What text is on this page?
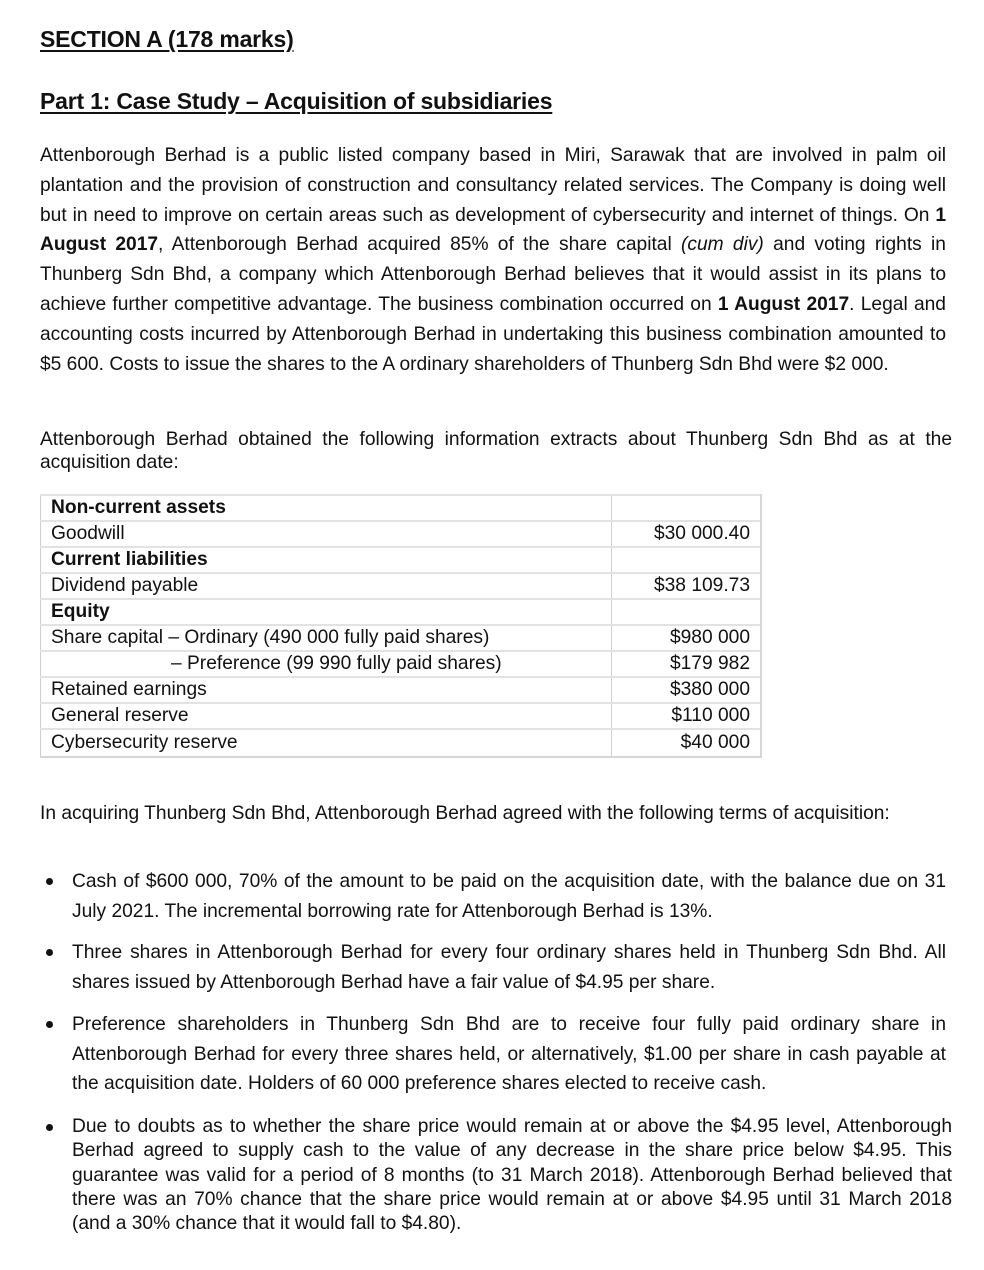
SECTION A (178 marks)
Part 1: Case Study – Acquisition of subsidiaries
Attenborough Berhad is a public listed company based in Miri, Sarawak that are involved in palm oil plantation and the provision of construction and consultancy related services. The Company is doing well but in need to improve on certain areas such as development of cybersecurity and internet of things. On 1 August 2017, Attenborough Berhad acquired 85% of the share capital (cum div) and voting rights in Thunberg Sdn Bhd, a company which Attenborough Berhad believes that it would assist in its plans to achieve further competitive advantage. The business combination occurred on 1 August 2017. Legal and accounting costs incurred by Attenborough Berhad in undertaking this business combination amounted to $5 600. Costs to issue the shares to the A ordinary shareholders of Thunberg Sdn Bhd were $2 000.
Attenborough Berhad obtained the following information extracts about Thunberg Sdn Bhd as at the acquisition date:
Non-current assets	
Goodwill	$30 000.40
Current liabilities	
Dividend payable	$38 109.73
Equity	
Share capital – Ordinary (490 000 fully paid shares)	$980 000
– Preference (99 990 fully paid shares)	$179 982
Retained earnings	$380 000
General reserve	$110 000
Cybersecurity reserve	$40 000
In acquiring Thunberg Sdn Bhd, Attenborough Berhad agreed with the following terms of acquisition:
Cash of $600 000, 70% of the amount to be paid on the acquisition date, with the balance due on 31 July 2021. The incremental borrowing rate for Attenborough Berhad is 13%.
Three shares in Attenborough Berhad for every four ordinary shares held in Thunberg Sdn Bhd. All shares issued by Attenborough Berhad have a fair value of $4.95 per share.
Preference shareholders in Thunberg Sdn Bhd are to receive four fully paid ordinary share in Attenborough Berhad for every three shares held, or alternatively, $1.00 per share in cash payable at the acquisition date. Holders of 60 000 preference shares elected to receive cash.
Due to doubts as to whether the share price would remain at or above the $4.95 level, Attenborough Berhad agreed to supply cash to the value of any decrease in the share price below $4.95. This guarantee was valid for a period of 8 months (to 31 March 2018). Attenborough Berhad believed that there was an 70% chance that the share price would remain at or above $4.95 until 31 March 2018 (and a 30% chance that it would fall to $4.80).
